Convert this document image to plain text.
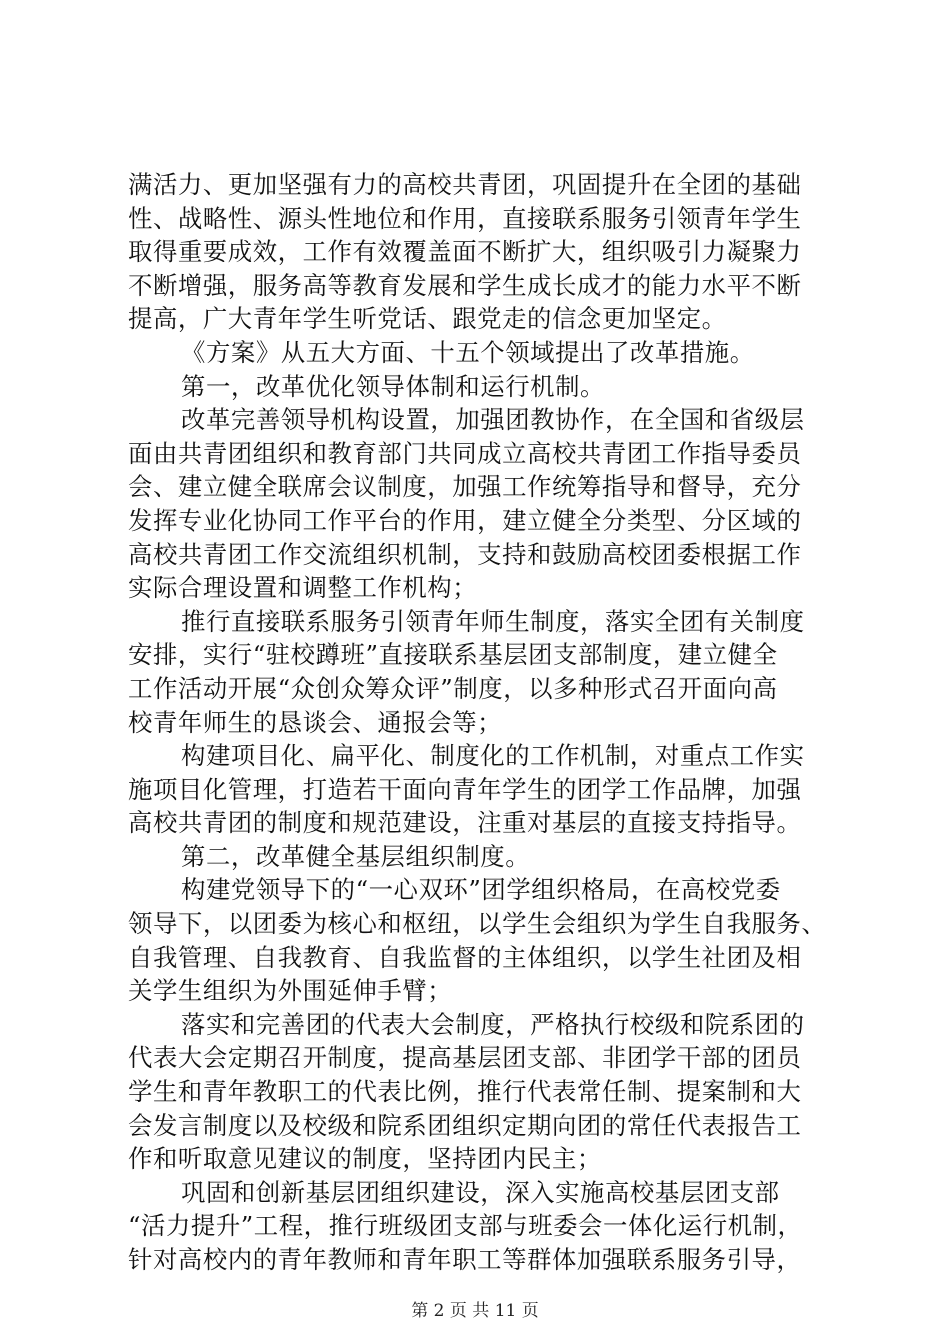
满活力、更加坚强有力的高校共青团，巩固提升在全团的基础
性、战略性、源头性地位和作用，直接联系服务引领青年学生
取得重要成效，工作有效覆盖面不断扩大，组织吸引力凝聚力
不断增强，服务高等教育发展和学生成长成才的能力水平不断
提高，广大青年学生听党话、跟党走的信念更加坚定。
《方案》从五大方面、十五个领域提出了改革措施。
第一，改革优化领导体制和运行机制。
改革完善领导机构设置，加强团教协作，在全国和省级层
面由共青团组织和教育部门共同成立高校共青团工作指导委员
会、建立健全联席会议制度，加强工作统筹指导和督导，充分
发挥专业化协同工作平台的作用，建立健全分类型、分区域的
高校共青团工作交流组织机制，支持和鼓励高校团委根据工作
实际合理设置和调整工作机构；
推行直接联系服务引领青年师生制度，落实全团有关制度
安排，实行“驻校蹲班”直接联系基层团支部制度，建立健全
工作活动开展“众创众筹众评”制度，以多种形式召开面向高
校青年师生的恳谈会、通报会等；
构建项目化、扁平化、制度化的工作机制，对重点工作实
施项目化管理，打造若干面向青年学生的团学工作品牌，加强
高校共青团的制度和规范建设，注重对基层的直接支持指导。
第二，改革健全基层组织制度。
构建党领导下的“一心双环”团学组织格局，在高校党委
领导下，以团委为核心和枢纽，以学生会组织为学生自我服务、
自我管理、自我教育、自我监督的主体组织，以学生社团及相
关学生组织为外围延伸手臂；
落实和完善团的代表大会制度，严格执行校级和院系团的
代表大会定期召开制度，提高基层团支部、非团学干部的团员
学生和青年教职工的代表比例，推行代表常任制、提案制和大
会发言制度以及校级和院系团组织定期向团的常任代表报告工
作和听取意见建议的制度，坚持团内民主；
巩固和创新基层团组织建设，深入实施高校基层团支部
“活力提升”工程，推行班级团支部与班委会一体化运行机制，
针对高校内的青年教师和青年职工等群体加强联系服务引导，
第 2 页 共 11 页
